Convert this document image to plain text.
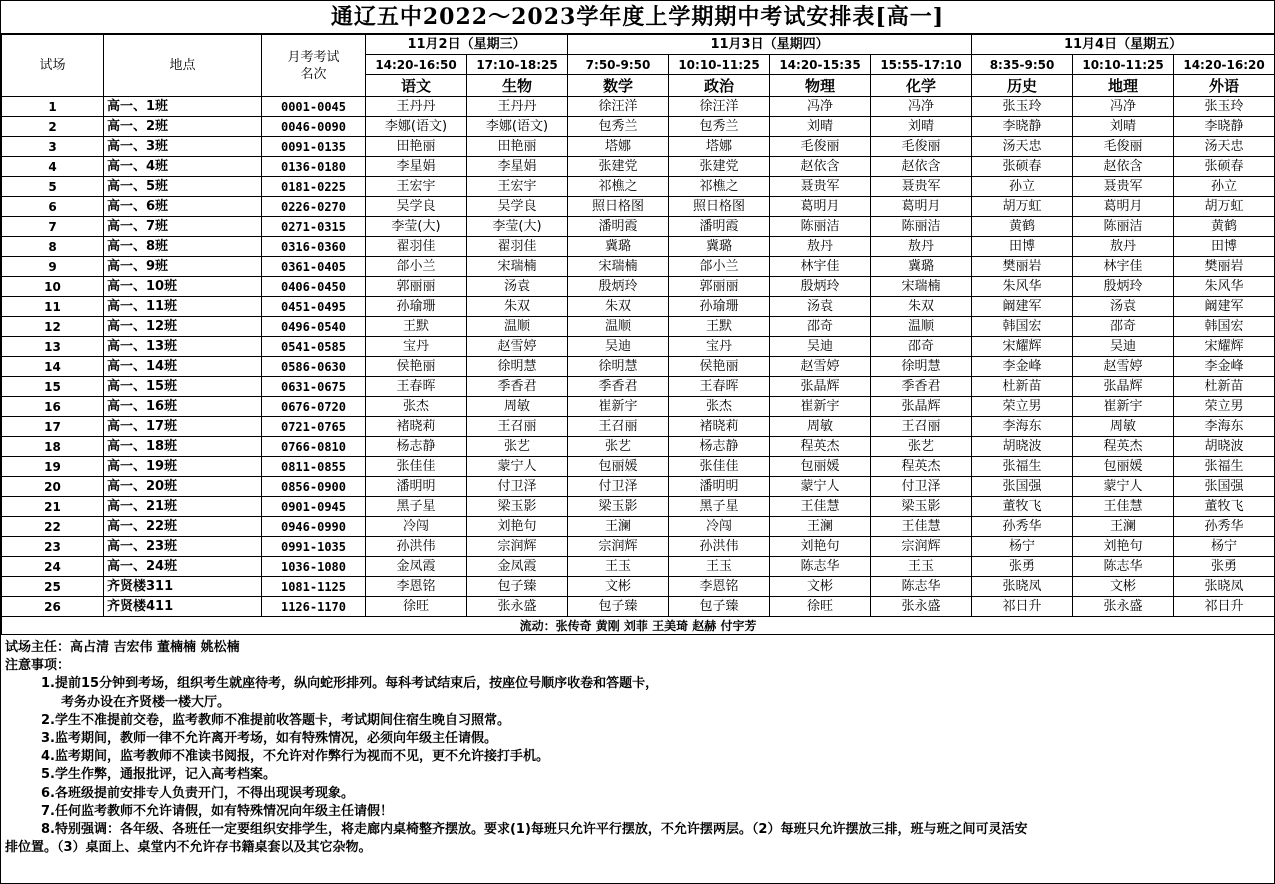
通辽五中2022～2023学年度上学期期中考试安排表[高一]
试场	地点	月考考试名次	11月2日（星期三）		11月3日（星期四）				11月4日（星期五）		
			14:20-16:50	17:10-18:25	7:50-9:50	10:10-11:25	14:20-15:35	15:55-17:10	8:35-9:50	10:10-11:25	14:20-16:20
			语文	生物	数学	政治	物理	化学	历史	地理	外语
1	高一、1班	0001-0045	王丹丹	王丹丹	徐汪洋	徐汪洋	冯净	冯净	张玉玲	冯净	张玉玲
2	高一、2班	0046-0090	李娜(语文)	李娜(语文)	包秀兰	包秀兰	刘晴	刘晴	李晓静	刘晴	李晓静
3	高一、3班	0091-0135	田艳丽	田艳丽	塔娜	塔娜	毛俊丽	毛俊丽	汤天忠	毛俊丽	汤天忠
4	高一、4班	0136-0180	李星娟	李星娟	张建党	张建党	赵依含	赵依含	张硕春	赵依含	张硕春
5	高一、5班	0181-0225	王宏宇	王宏宇	祁樵之	祁樵之	聂贵军	聂贵军	孙立	聂贵军	孙立
6	高一、6班	0226-0270	吴学良	吴学良	照日格图	照日格图	葛明月	葛明月	胡万虹	葛明月	胡万虹
7	高一、7班	0271-0315	李莹(大)	李莹(大)	潘明霞	潘明霞	陈丽洁	陈丽洁	黄鹤	陈丽洁	黄鹤
8	高一、8班	0316-0360	翟羽佳	翟羽佳	冀璐	冀璐	敖丹	敖丹	田博	敖丹	田博
9	高一、9班	0361-0405	郃小兰	宋瑞楠	宋瑞楠	郃小兰	林宇佳	冀璐	樊丽岩	林宇佳	樊丽岩
10	高一、10班	0406-0450	郭丽丽	汤袁	殷炳玲	郭丽丽	殷炳玲	宋瑞楠	朱风华	殷炳玲	朱风华
11	高一、11班	0451-0495	孙瑜珊	朱双	朱双	孙瑜珊	汤袁	朱双	阚建军	汤袁	阚建军
12	高一、12班	0496-0540	王默	温顺	温顺	王默	邵奇	温顺	韩国宏	邵奇	韩国宏
13	高一、13班	0541-0585	宝丹	赵雪婷	吴迪	宝丹	吴迪	邵奇	宋耀辉	吴迪	宋耀辉
14	高一、14班	0586-0630	侯艳丽	徐明慧	徐明慧	侯艳丽	赵雪婷	徐明慧	李金峰	赵雪婷	李金峰
15	高一、15班	0631-0675	王春晖	季香君	季香君	王春晖	张晶辉	季香君	杜新苗	张晶辉	杜新苗
16	高一、16班	0676-0720	张杰	周敏	崔新宇	张杰	崔新宇	张晶辉	荣立男	崔新宇	荣立男
17	高一、17班	0721-0765	褚晓莉	王召丽	王召丽	褚晓莉	周敏	王召丽	李海东	周敏	李海东
18	高一、18班	0766-0810	杨志静	张艺	张艺	杨志静	程英杰	张艺	胡晓波	程英杰	胡晓波
19	高一、19班	0811-0855	张佳佳	蒙宁人	包丽媛	张佳佳	包丽媛	程英杰	张福生	包丽媛	张福生
20	高一、20班	0856-0900	潘明明	付卫泽	付卫泽	潘明明	蒙宁人	付卫泽	张国强	蒙宁人	张国强
21	高一、21班	0901-0945	黑子星	梁玉影	梁玉影	黑子星	王佳慧	梁玉影	董牧飞	王佳慧	董牧飞
22	高一、22班	0946-0990	冷闯	刘艳句	王澜	冷闯	王澜	王佳慧	孙秀华	王澜	孙秀华
23	高一、23班	0991-1035	孙洪伟	宗润辉	宗润辉	孙洪伟	刘艳句	宗润辉	杨宁	刘艳句	杨宁
24	高一、24班	1036-1080	金凤霞	金凤霞	王玉	王玉	陈志华	王玉	张勇	陈志华	张勇
25	齐贤楼311	1081-1125	李恩铭	包子臻	文彬	李恩铭	文彬	陈志华	张晓凤	文彬	张晓凤
26	齐贤楼411	1126-1170	徐旺	张永盛	包子臻	包子臻	徐旺	张永盛	祁日升	张永盛	祁日升
流动：张传奇 黄刚 刘菲 王美琦 赵赫 付宇芳											
试场主任：高占清 吉宏伟 董楠楠 姚松楠
注意事项：
1.提前15分钟到考场，组织考生就座待考，纵向蛇形排列。每科考试结束后，按座位号顺序收卷和答题卡，
考务办设在齐贤楼一楼大厅。
2.学生不准提前交卷，监考教师不准提前收答题卡，考试期间住宿生晚自习照常。
3.监考期间，教师一律不允许离开考场，如有特殊情况，必须向年级主任请假。
4.监考期间，监考教师不准读书阅报，不允许对作弊行为视而不见，更不允许接打手机。
5.学生作弊，通报批评，记入高考档案。
6.各班级提前安排专人负责开门，不得出现误考现象。
7.任何监考教师不允许请假，如有特殊情况向年级主任请假！
8.特别强调：各年级、各班任一定要组织安排学生，将走廊内桌椅整齐摆放。要求(1)每班只允许平行摆放，不允许摆两层。（2）每班只允许摆放三排，班与班之间可灵活安
排位置。（3）桌面上、桌堂内不允许存书籍桌套以及其它杂物。
